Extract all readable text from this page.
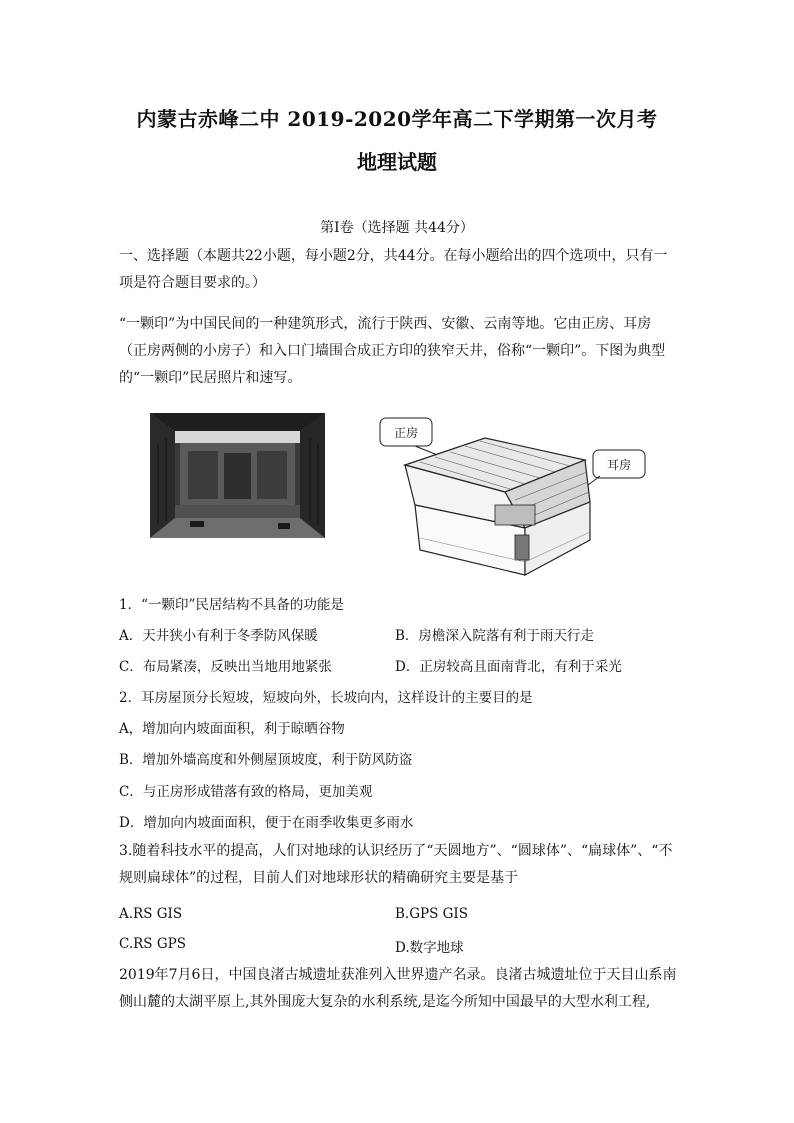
内蒙古赤峰二中 2019-2020学年高二下学期第一次月考
地理试题
第Ⅰ卷（选择题 共44分）
一、选择题（本题共22小题，每小题2分，共44分。在每小题给出的四个选项中，只有一项是符合题目要求的。）
“一颗印”为中国民间的一种建筑形式，流行于陕西、安徽、云南等地。它由正房、耳房（正房两侧的小房子）和入口门墙围合成正方印的狭窄天井，俗称“一颗印”。下图为典型的“一颗印”民居照片和速写。
正房
耳房
1．“一颗印”民居结构不具备的功能是
A．天井狭小有利于冬季防风保暖	B．房檐深入院落有利于雨天行走
C．布局紧凑，反映出当地用地紧张	D．正房较高且面南背北，有利于采光
2．耳房屋顶分长短坡，短坡向外，长坡向内，这样设计的主要目的是
A，增加向内坡面面积，利于晾晒谷物
B．增加外墙高度和外侧屋顶坡度，利于防风防盗
C．与正房形成错落有致的格局，更加美观
D．增加向内坡面面积，便于在雨季收集更多雨水
3.随着科技水平的提高，人们对地球的认识经历了“天圆地方”、“圆球体”、“扁球体”、“不规则扁球体”的过程，目前人们对地球形状的精确研究主要是基于
A.RS GIS	B.GPS GIS
C.RS GPS	D.数字地球
2019年7月6日，中国良渚古城遗址获准列入世界遗产名录。良渚古城遗址位于天目山系南侧山麓的太湖平原上,其外围庞大复杂的水利系统,是迄今所知中国最早的大型水利工程,
